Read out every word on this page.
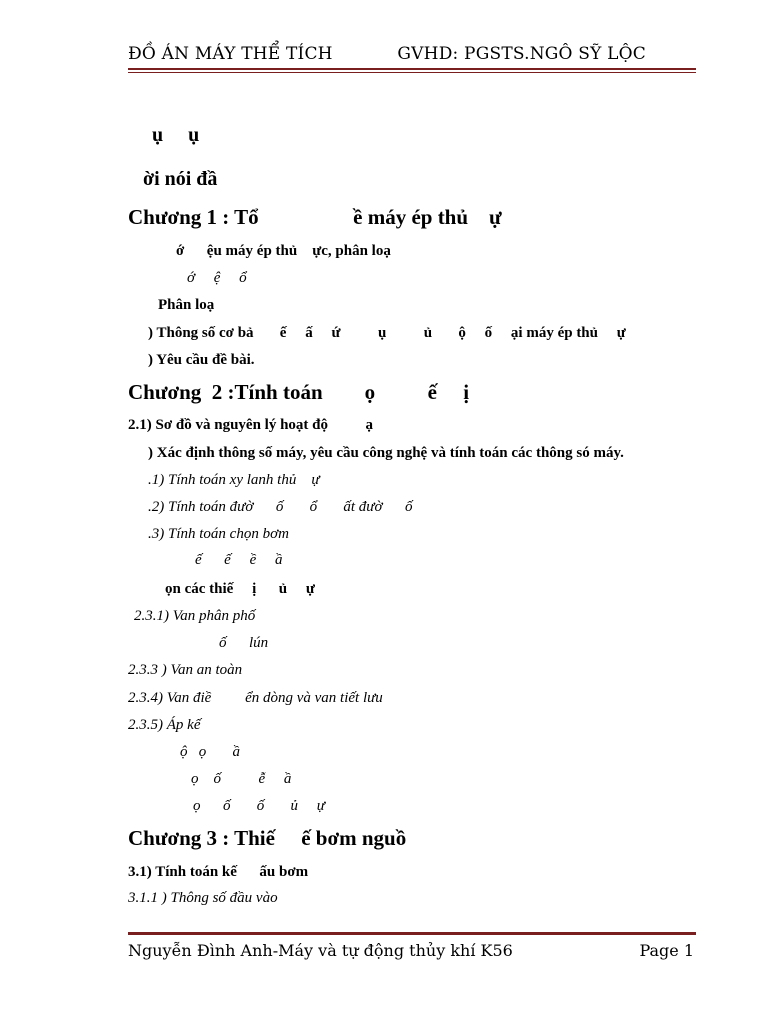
ĐỒ ÁN MÁY THỂ TÍCH	GVHD: PGSTS.NGÔ SỸ LỘC
ụ     ụ
ời nói đầ
Chương 1 : Tổ                  ề máy ép thủ    ự
ớ      ệu máy ép thủ    ực, phân loạ
ớ     ệ     ổ
Phân loạ
) Thông số cơ bả       ế     ấ     ứ          ụ          ủ       ộ     ố     ại máy ép thủ     ự
) Yêu cầu đề bài.
Chương  2 :Tính toán        ọ          ế     ị
2.1) Sơ đồ và nguyên lý hoạt độ          ạ
) Xác định thông số máy, yêu cầu công nghệ và tính toán các thông só máy.
.1) Tính toán xy lanh thủ    ự
.2) Tính toán đườ      ố       ổ       ất đườ      ố
.3) Tính toán chọn bơm
ế      ế     ề     ầ
ọn các thiế     ị      ủ     ự
2.3.1) Van phân phố
ố      lún
2.3.3 ) Van an toàn
2.3.4) Van điề         ển dòng và van tiết lưu
2.3.5) Áp kế
ộ   ọ       ầ
ọ    ố          ễ     ầ
ọ      ố       ố       ủ     ự
Chương 3 : Thiế     ế bơm nguồ
3.1) Tính toán kế      ấu bơm
3.1.1 ) Thông số đầu vào
Nguyễn Đình Anh-Máy và tự động thủy khí K56	Page 1
